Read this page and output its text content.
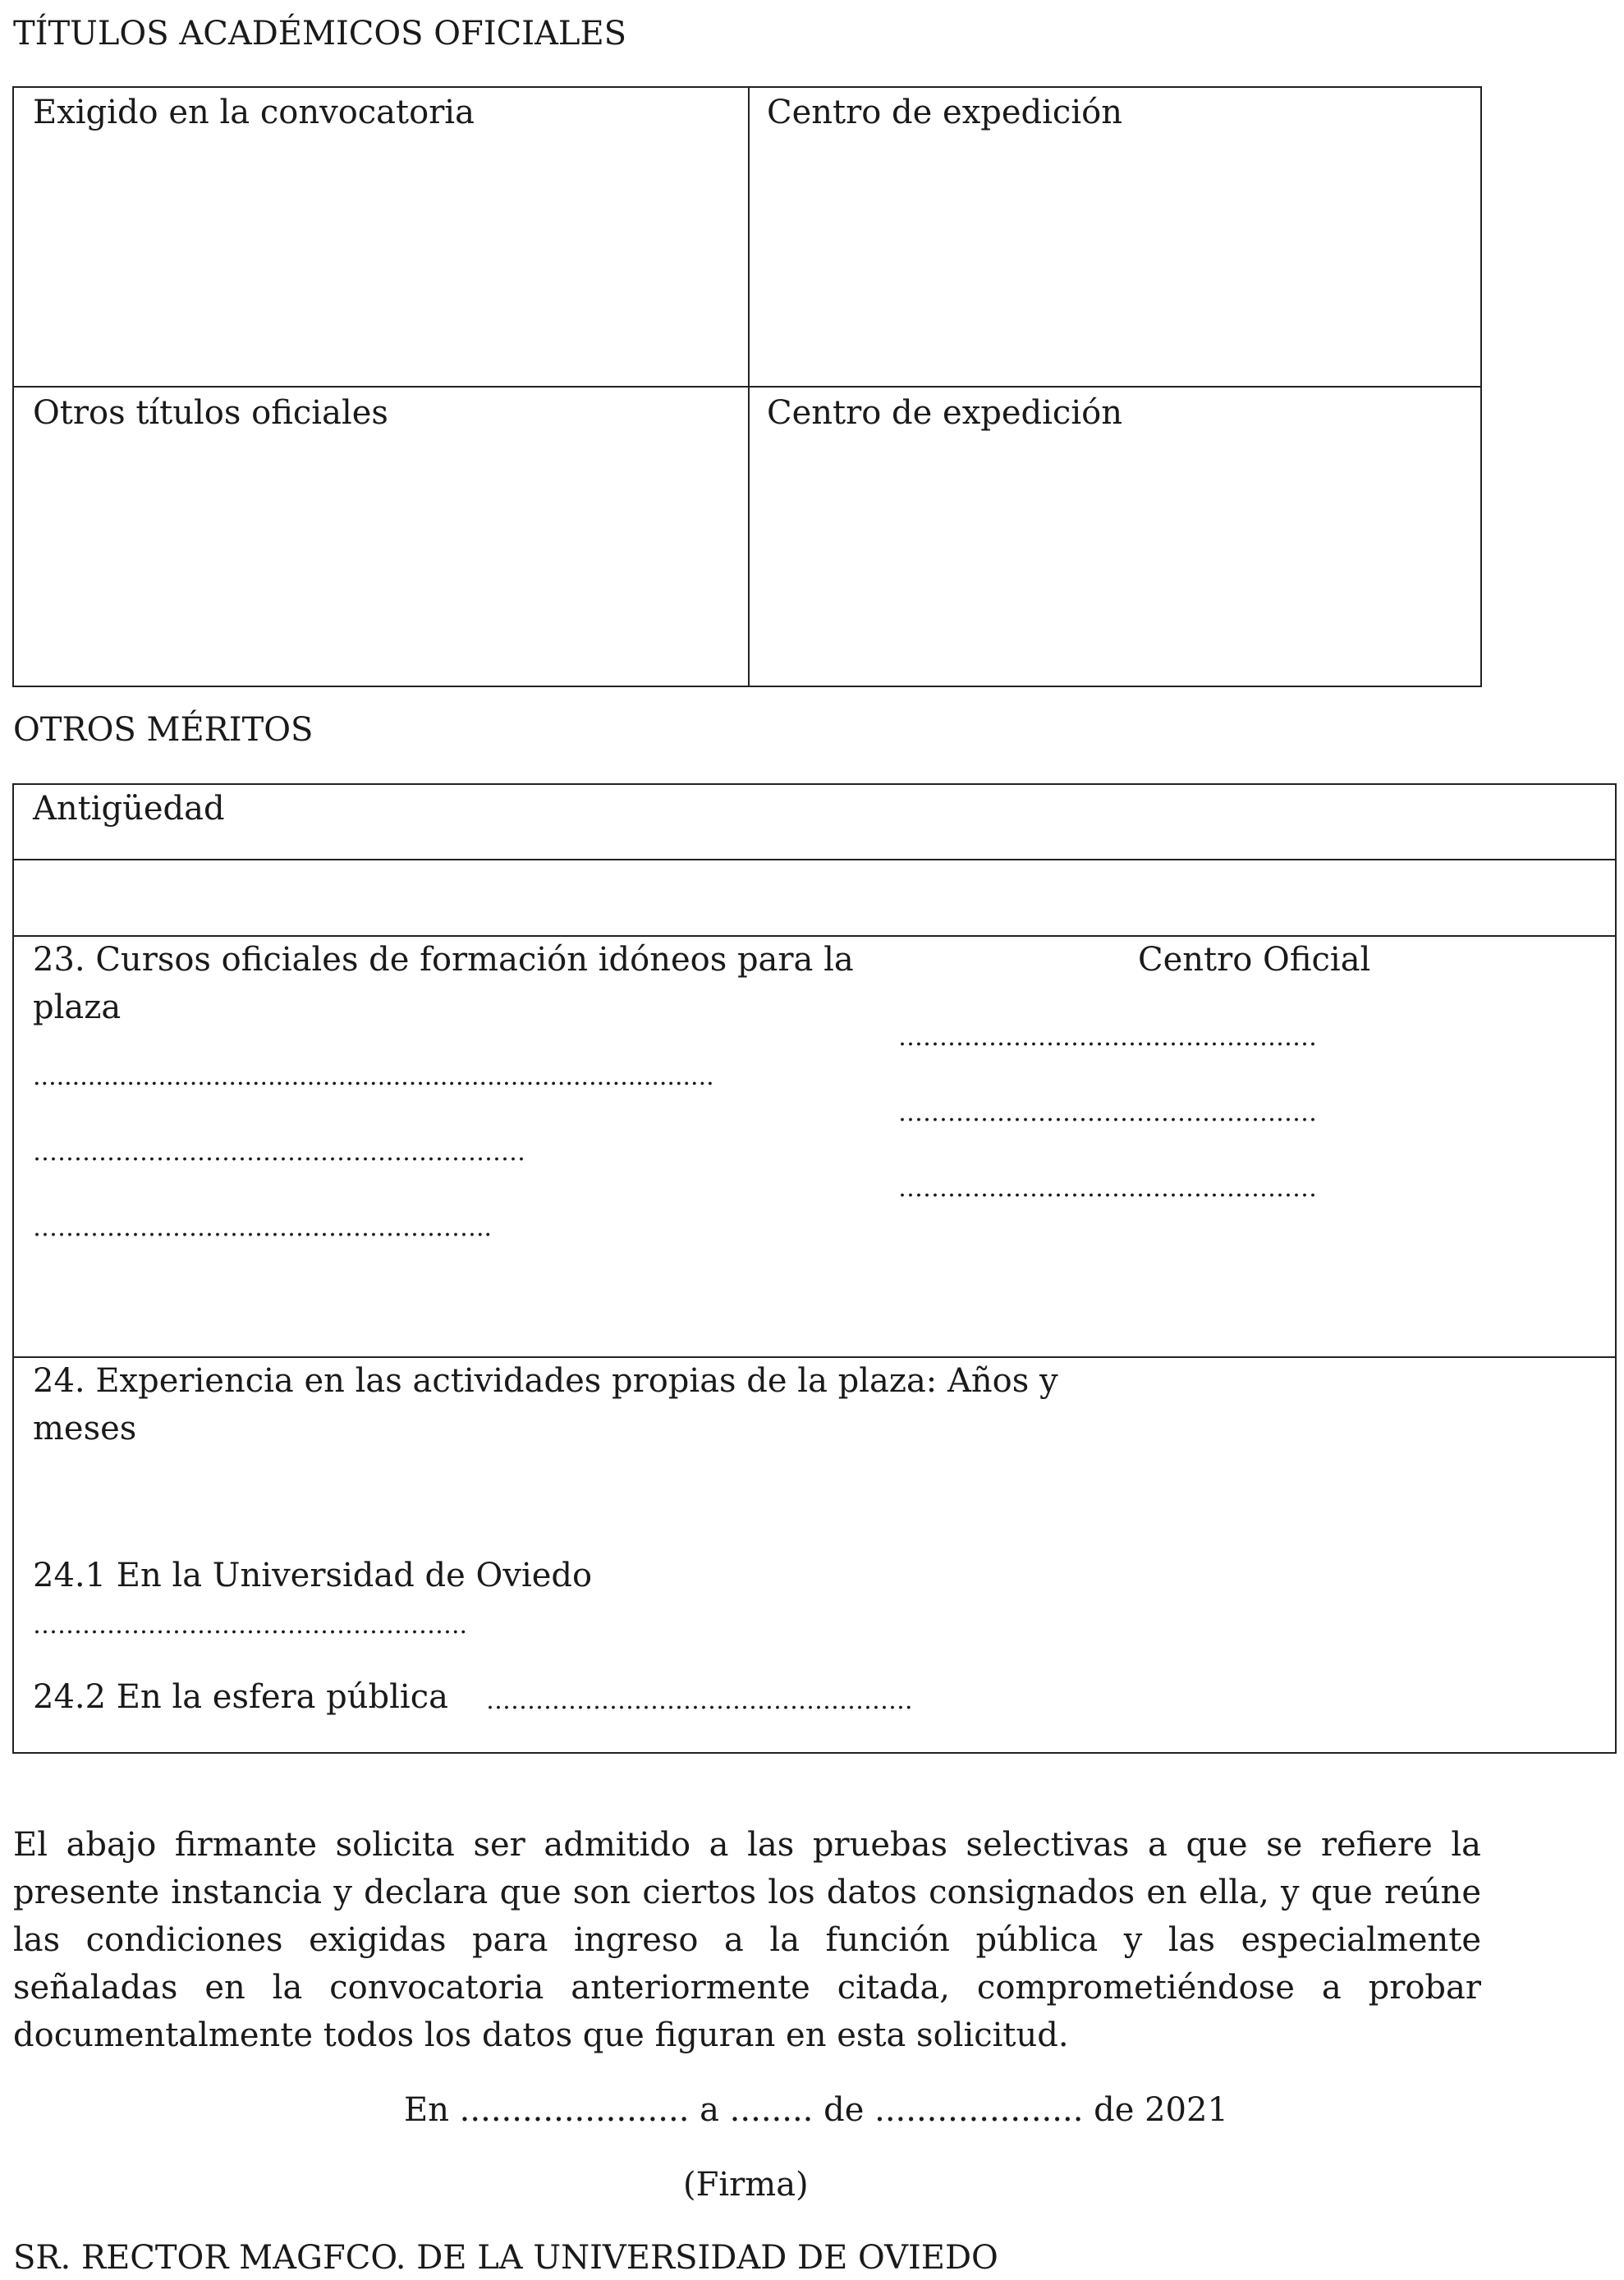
TÍTULOS ACADÉMICOS OFICIALES
Exigido en la convocatoria	Centro de expedición
Otros títulos oficiales	Centro de expedición
OTROS MÉRITOS
Antigüedad
23. Cursos oficiales de formación idóneos para la
plaza
Centro Oficial
.......................................................................................
……………………………………………………
………………………………………………..
……………………………………………
……………………………………………
……………………………………………
24. Experiencia en las actividades propias de la plaza: Años y
meses
24.1 En la Universidad de Oviedo
……………………………………………..
24.2 En la esfera pública …………………………………………….
El abajo firmante solicita ser admitido a las pruebas selectivas a que se refiere la presente instancia y declara que son ciertos los datos consignados en ella, y que reúne las condiciones exigidas para ingreso a la función pública y las especialmente señaladas en la convocatoria anteriormente citada, comprometiéndose a probar documentalmente todos los datos que figuran en esta solicitud.
En ...................... a ........ de .................... de 2021
(Firma)
SR. RECTOR MAGFCO. DE LA UNIVERSIDAD DE OVIEDO
